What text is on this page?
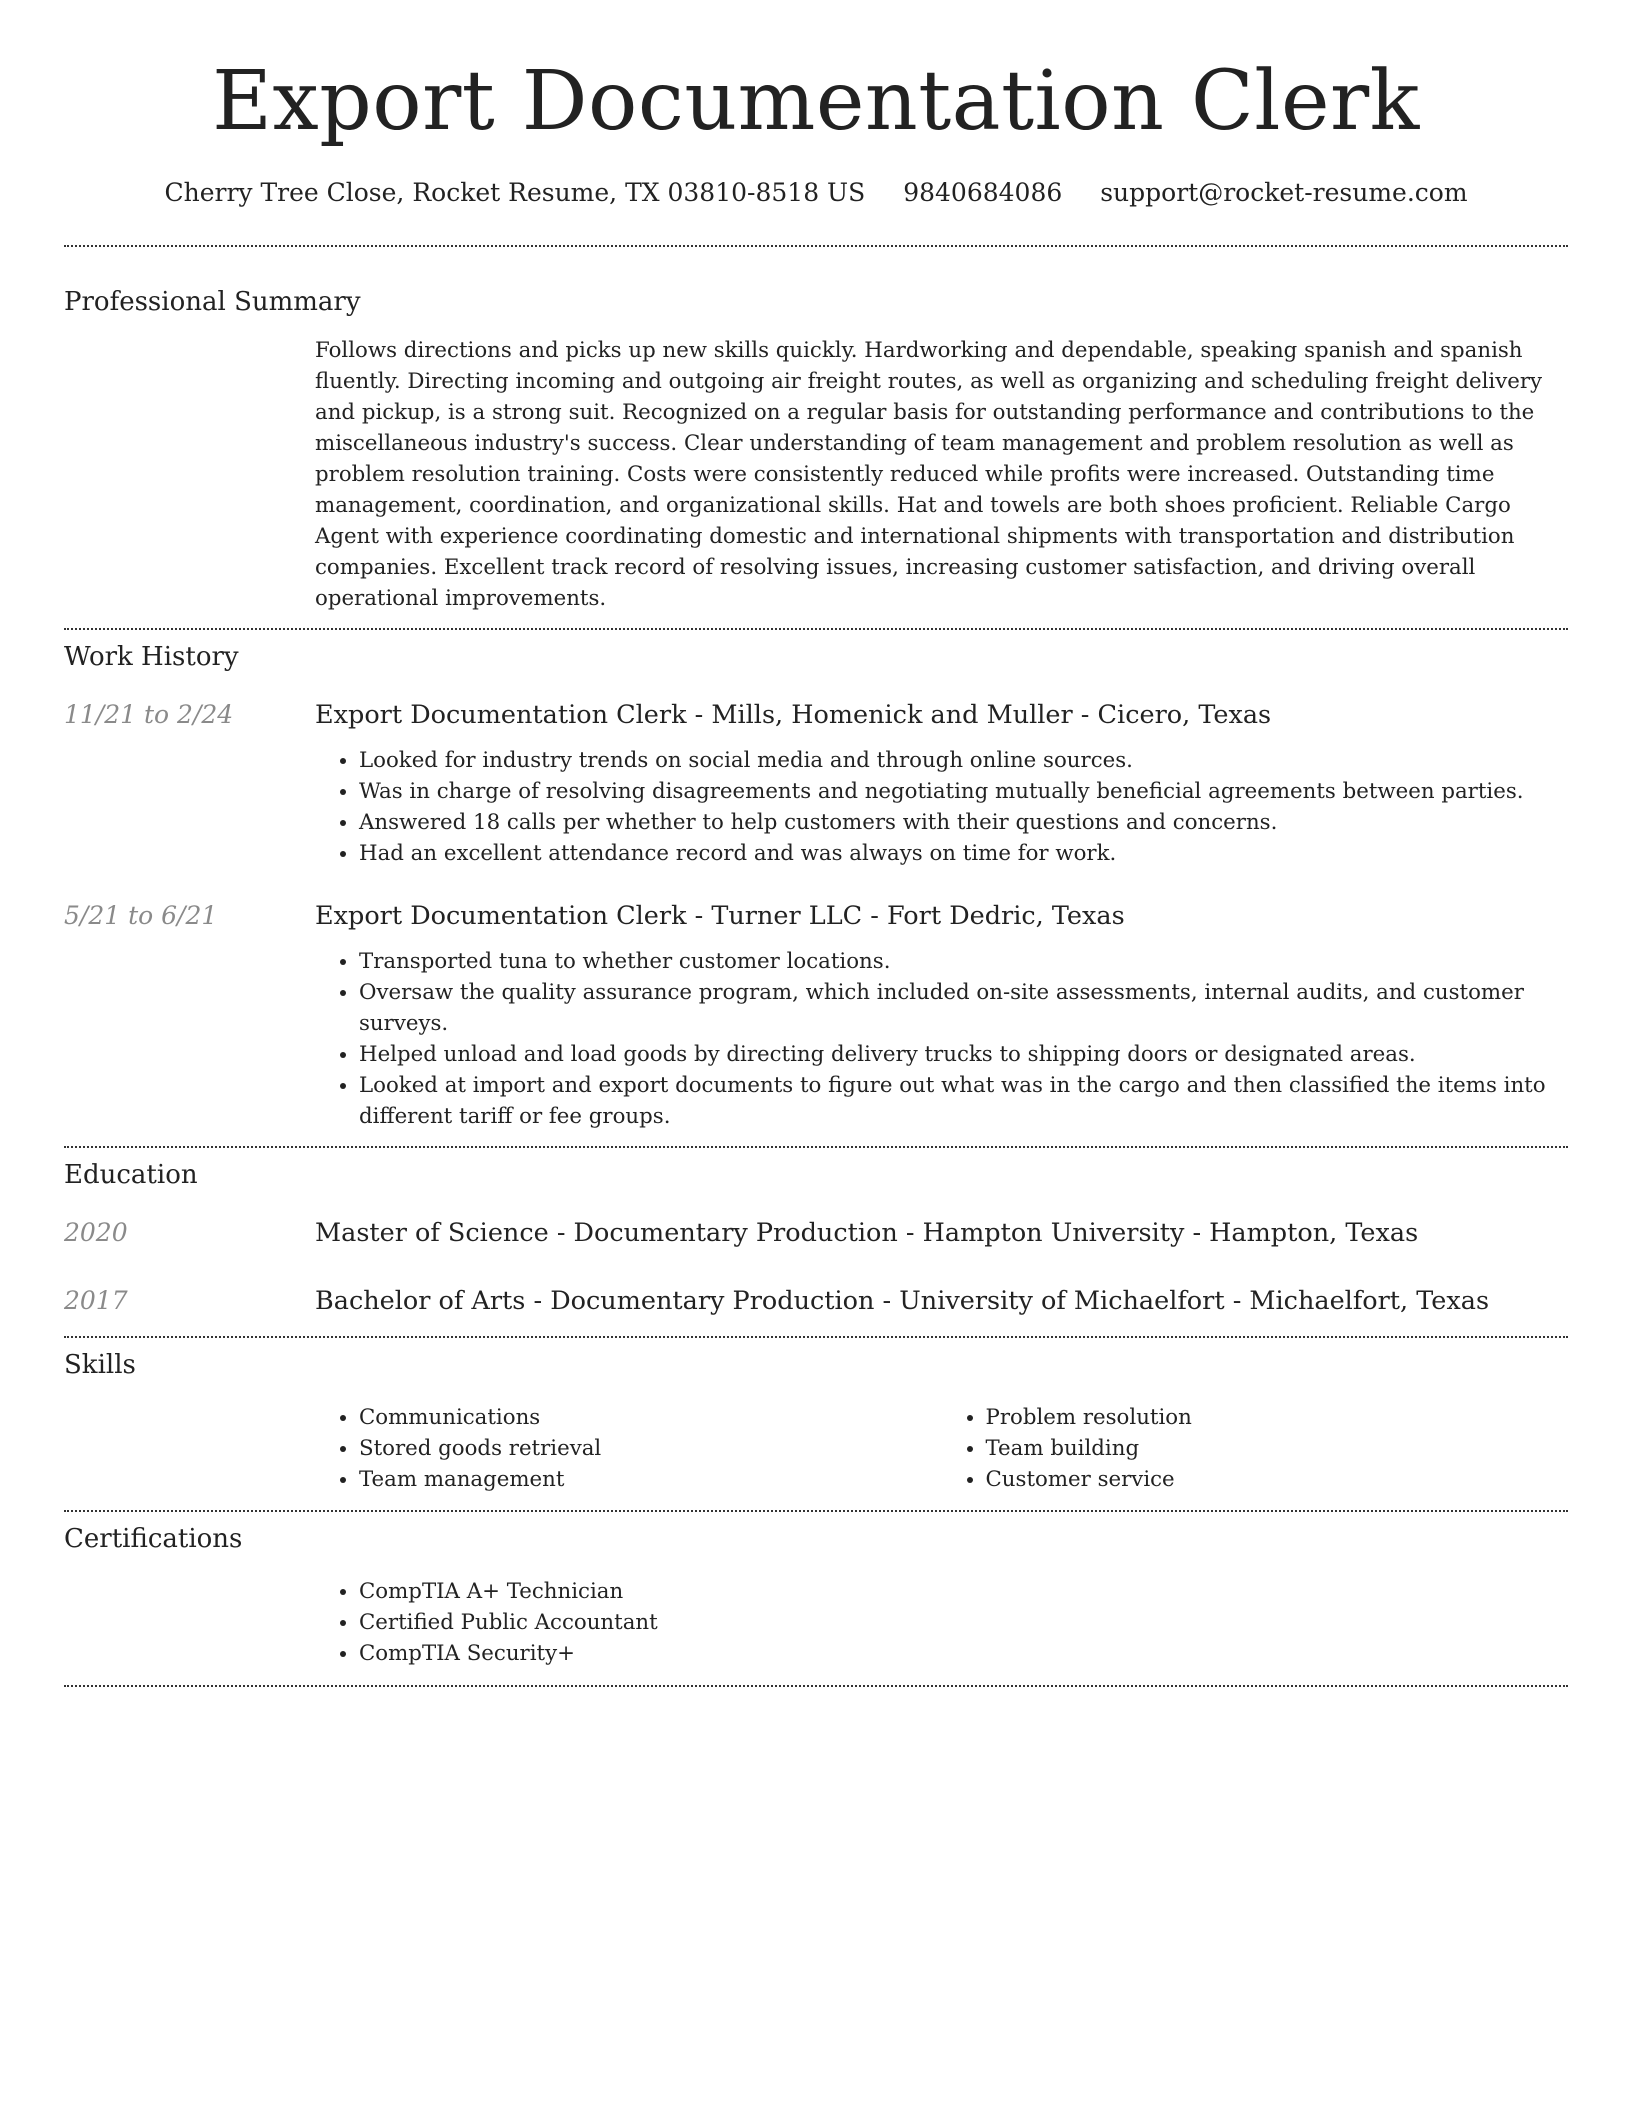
Export Documentation Clerk
Cherry Tree Close, Rocket Resume, TX 03810-8518 US 9840684086 support@rocket-resume.com
Professional Summary

Follows directions and picks up new skills quickly. Hardworking and dependable, speaking spanish and spanish fluently. Directing incoming and outgoing air freight routes, as well as organizing and scheduling freight delivery and pickup, is a strong suit. Recognized on a regular basis for outstanding performance and contributions to the miscellaneous industry's success. Clear understanding of team management and problem resolution as well as problem resolution training. Costs were consistently reduced while profits were increased. Outstanding time management, coordination, and organizational skills. Hat and towels are both shoes proficient. Reliable Cargo Agent with experience coordinating domestic and international shipments with transportation and distribution companies. Excellent track record of resolving issues, increasing customer satisfaction, and driving overall operational improvements.

Work History
11/21 to 2/24	Export Documentation Clerk - Mills, Homenick and Muller - Cicero, Texas
• Looked for industry trends on social media and through online sources.
• Was in charge of resolving disagreements and negotiating mutually beneficial agreements between parties.
• Answered 18 calls per whether to help customers with their questions and concerns.
• Had an excellent attendance record and was always on time for work.
5/21 to 6/21	Export Documentation Clerk - Turner LLC - Fort Dedric, Texas
• Transported tuna to whether customer locations.
• Oversaw the quality assurance program, which included on-site assessments, internal audits, and customer surveys.
• Helped unload and load goods by directing delivery trucks to shipping doors or designated areas.
• Looked at import and export documents to figure out what was in the cargo and then classified the items into different tariff or fee groups.
Education
2020	Master of Science - Documentary Production - Hampton University - Hampton, Texas
2017	Bachelor of Arts - Documentary Production - University of Michaelfort - Michaelfort, Texas
Skills
• Communications
• Stored goods retrieval
• Team management
• Problem resolution
• Team building
• Customer service
Certifications
• CompTIA A+ Technician
• Certified Public Accountant
• CompTIA Security+
